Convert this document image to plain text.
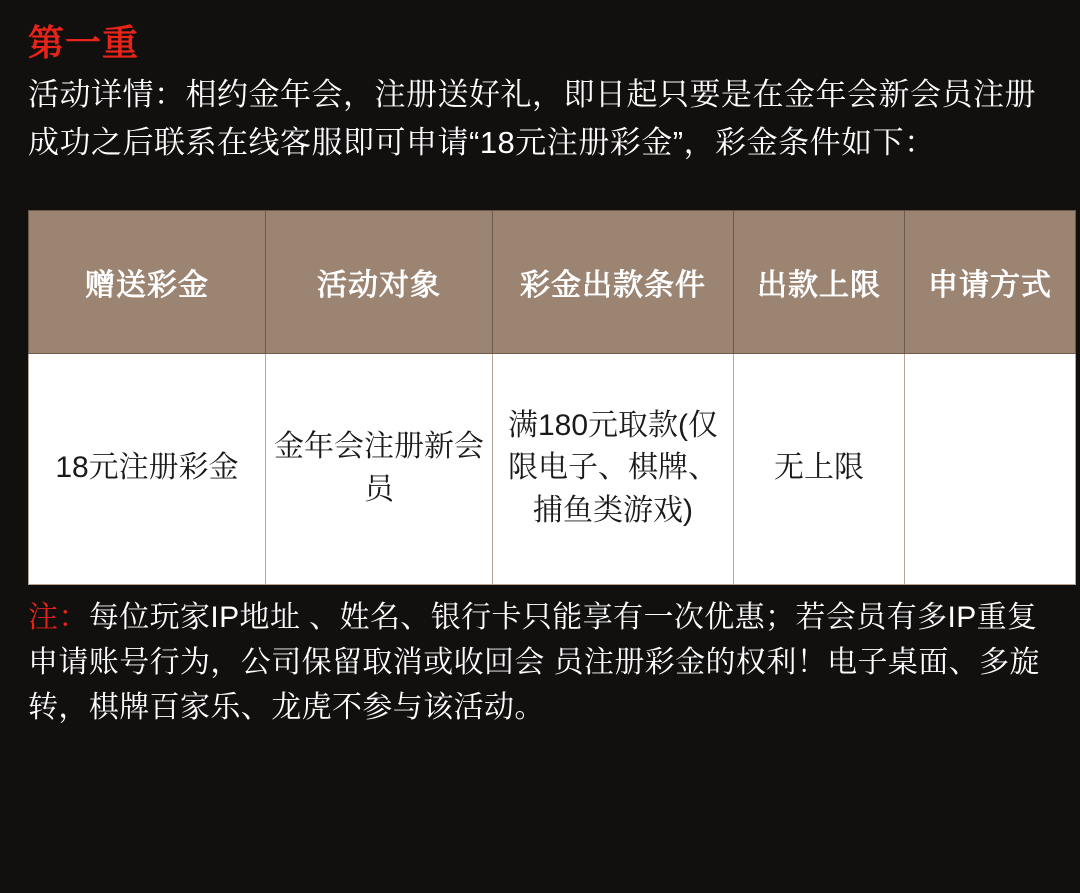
第一重

活动详情：相约金年会，注册送好礼，即日起只要是在金年会新会员注册成功之后联系在线客服即可申请“18元注册彩金”，彩金条件如下：

赠送彩金	活动对象	彩金出款条件	出款上限	申请方式
18元注册彩金	金年会注册新会员	满180元取款(仅限电子、棋牌、捕鱼类游戏)	无上限	
注：每位玩家IP地址 、姓名、银行卡只能享有一次优惠；若会员有多IP重复申请账号行为，公司保留取消或收回会 员注册彩金的权利！电子桌面、多旋转，棋牌百家乐、龙虎不参与该活动。
